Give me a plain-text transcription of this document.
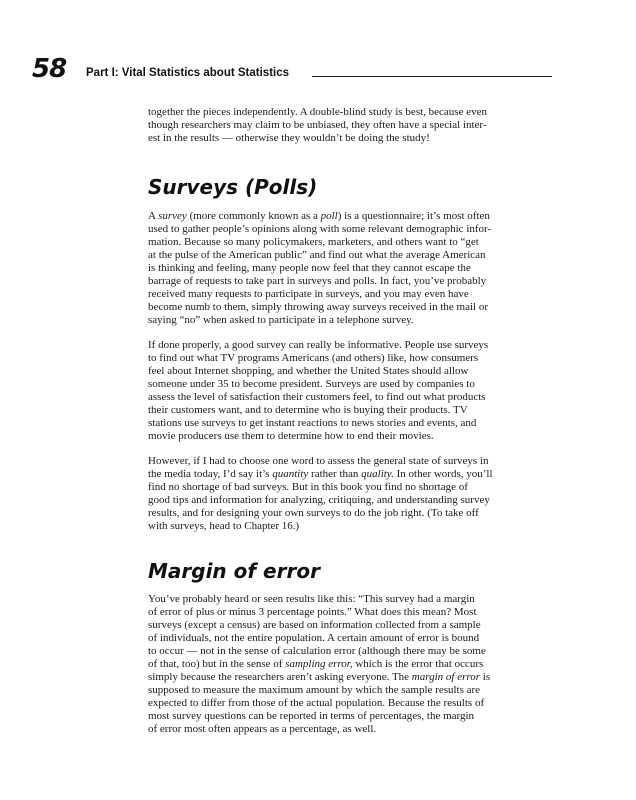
58 Part I: Vital Statistics about Statistics

together the pieces independently. A double-blind study is best, because even
though researchers may claim to be unbiased, they often have a special inter-
est in the results — otherwise they wouldn’t be doing the study!

Surveys (Polls)

A survey (more commonly known as a poll) is a questionnaire; it’s most often
used to gather people’s opinions along with some relevant demographic infor-
mation. Because so many policymakers, marketers, and others want to “get
at the pulse of the American public” and find out what the average American
is thinking and feeling, many people now feel that they cannot escape the
barrage of requests to take part in surveys and polls. In fact, you’ve probably
received many requests to participate in surveys, and you may even have
become numb to them, simply throwing away surveys received in the mail or
saying “no” when asked to participate in a telephone survey.

If done properly, a good survey can really be informative. People use surveys
to find out what TV programs Americans (and others) like, how consumers
feel about Internet shopping, and whether the United States should allow
someone under 35 to become president. Surveys are used by companies to
assess the level of satisfaction their customers feel, to find out what products
their customers want, and to determine who is buying their products. TV
stations use surveys to get instant reactions to news stories and events, and
movie producers use them to determine how to end their movies.

However, if I had to choose one word to assess the general state of surveys in
the media today, I’d say it’s quantity rather than quality. In other words, you’ll
find no shortage of bad surveys. But in this book you find no shortage of
good tips and information for analyzing, critiquing, and understanding survey
results, and for designing your own surveys to do the job right. (To take off
with surveys, head to Chapter 16.)

Margin of error

You’ve probably heard or seen results like this: “This survey had a margin
of error of plus or minus 3 percentage points.” What does this mean? Most
surveys (except a census) are based on information collected from a sample
of individuals, not the entire population. A certain amount of error is bound
to occur — not in the sense of calculation error (although there may be some
of that, too) but in the sense of sampling error, which is the error that occurs
simply because the researchers aren’t asking everyone. The margin of error is
supposed to measure the maximum amount by which the sample results are
expected to differ from those of the actual population. Because the results of
most survey questions can be reported in terms of percentages, the margin
of error most often appears as a percentage, as well.
